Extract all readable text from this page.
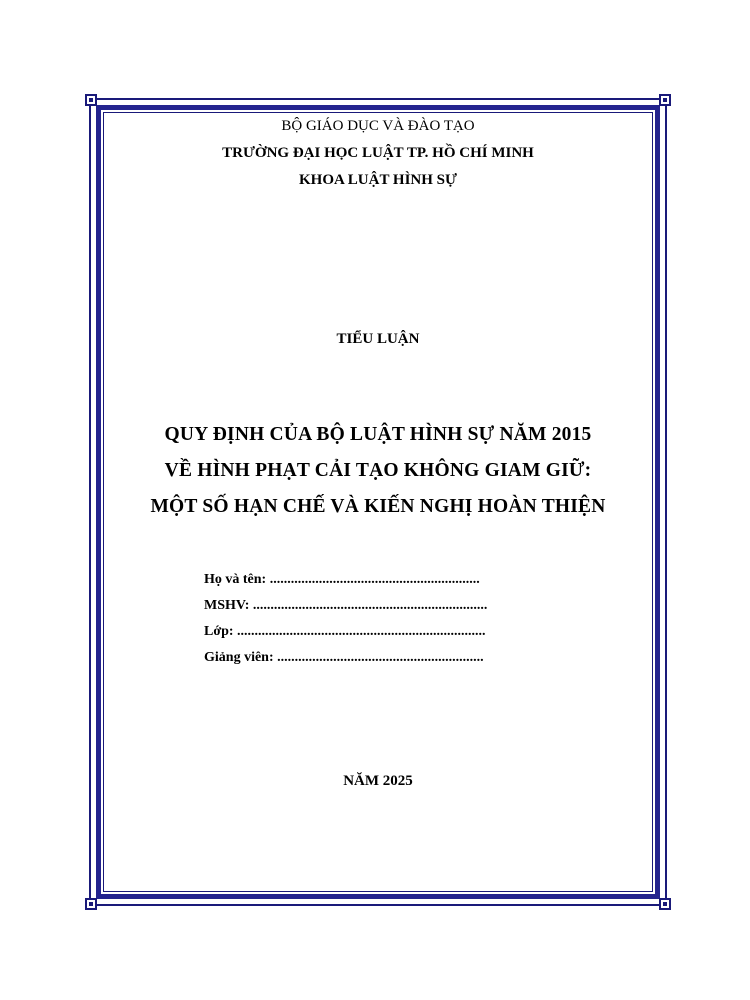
BỘ GIÁO DỤC VÀ ĐÀO TẠO
TRƯỜNG ĐẠI HỌC LUẬT TP. HỒ CHÍ MINH
KHOA LUẬT HÌNH SỰ
TIỂU LUẬN
QUY ĐỊNH CỦA BỘ LUẬT HÌNH SỰ NĂM 2015
VỀ HÌNH PHẠT CẢI TẠO KHÔNG GIAM GIỮ:
MỘT SỐ HẠN CHẾ VÀ KIẾN NGHỊ HOÀN THIỆN
Họ và tên: ............................................................
MSHV: ...................................................................
Lớp: .......................................................................
Giảng viên: ...........................................................
NĂM 2025
